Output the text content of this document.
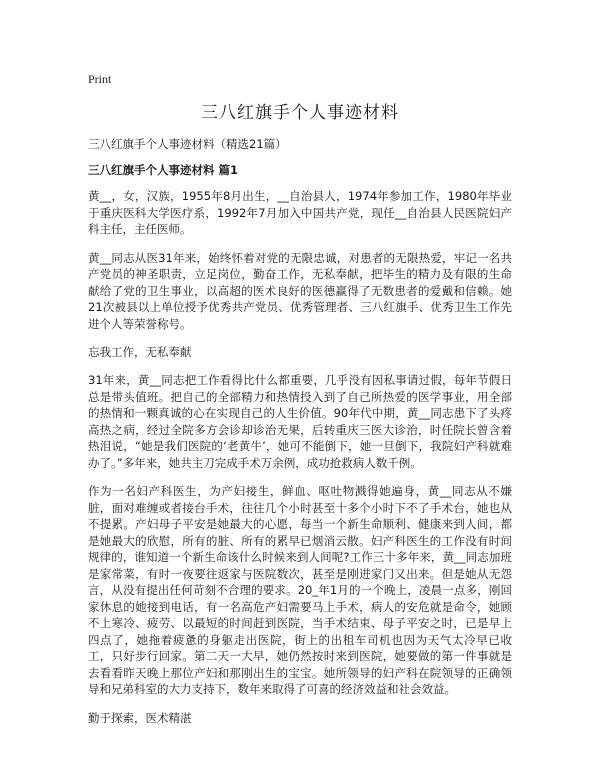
Print
三八红旗手个人事迹材料
三八红旗手个人事迹材料（精选21篇）
三八红旗手个人事迹材料 篇1

黄__，女，汉族，1955年8月出生，__自治县人，1974年参加工作，1980年毕业于重庆医科大学医疗系，1992年7月加入中国共产党，现任__自治县人民医院妇产科主任，主任医师。

黄__同志从医31年来，始终怀着对党的无限忠诚，对患者的无限热爱，牢记一名共产党员的神圣职责，立足岗位，勤奋工作，无私奉献，把毕生的精力及有限的生命献给了党的卫生事业，以高超的医术良好的医德赢得了无数患者的爱戴和信赖。她21次被县以上单位授予优秀共产党员、优秀管理者、三八红旗手、优秀卫生工作先进个人等荣誉称号。

忘我工作，无私奉献

31年来，黄__同志把工作看得比什么都重要，几乎没有因私事请过假，每年节假日总是带头值班。把自己的全部精力和热情投入到了自己所热爱的医学事业，用全部的热情和一颗真诚的心在实现自己的人生价值。90年代中期，黄__同志患下了头疼高热之病，经过全院多方会诊却诊治无果，后转重庆三医大诊治，时任院长曾含着热泪说，“她是我们医院的‘老黄牛’，她可不能倒下，她一旦倒下，我院妇产科就难办了。”多年来，她共主刀完成手术万余例，成功抢救病人数千例。

作为一名妇产科医生，为产妇接生，鲜血、呕吐物溅得她遍身，黄__同志从不嫌脏，面对难缠或者接台手术，往往几个小时甚至十多个小时下不了手术台，她也从不提累。产妇母子平安是她最大的心愿，每当一个新生命顺利、健康来到人间，都是她最大的欣慰，所有的脏、所有的累早已烟消云散。妇产科医生的工作没有时间规律的，谁知道一个新生命该什么时候来到人间呢?工作三十多年来，黄__同志加班是家常菜，有时一夜要往返家与医院数次，甚至是刚进家门又出来。但是她从无怨言，从没有提出任何苛刻不合理的要求。20_年1月的一个晚上，凌晨一点多，刚回家休息的她接到电话，有一名高危产妇需要马上手术，病人的安危就是命令，她顾不上寒冷、疲劳、以最短的时间赶到医院，当手术结束、母子平安之时，已是早上四点了，她拖着疲惫的身躯走出医院，街上的出租车司机也因为天气太冷早已收工，只好步行回家。第二天一大早，她仍然按时来到医院，她要做的第一件事就是去看看昨天晚上那位产妇和那刚出生的宝宝。她所领导的妇产科在院领导的正确领导和兄弟科室的大力支持下，数年来取得了可喜的经济效益和社会效益。

勤于探索，医术精湛
